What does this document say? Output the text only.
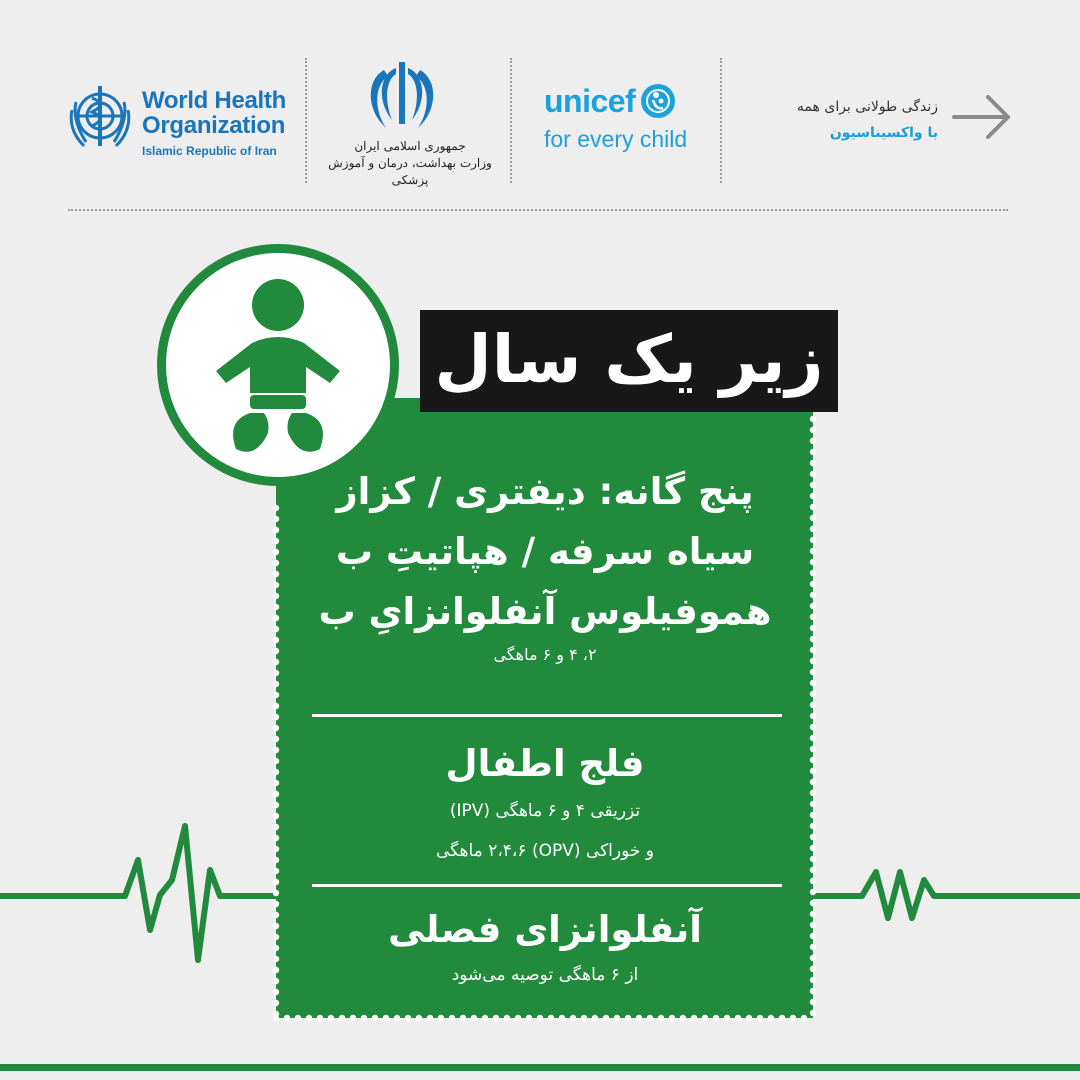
World Health
Organization
Islamic Republic of Iran	جمهوری اسلامی ایران
وزارت بهداشت، درمان و آموزش پزشکی
unicef
for every child
زندگی طولانی برای همه
با واکسیناسیون
زیر یک سال
پنج گانه: دیفتری / کزاز
سیاه سرفه / هپاتیتِ ب
هموفیلوس آنفلوانزایِ ب
۲، ۴ و ۶ ماهگی
فلج اطفال
تزریقی ۴ و ۶ ماهگی (IPV)
و خوراکی (OPV) ۲،۴،۶ ماهگی
آنفلوانزای فصلی
از ۶ ماهگی توصیه می‌شود
